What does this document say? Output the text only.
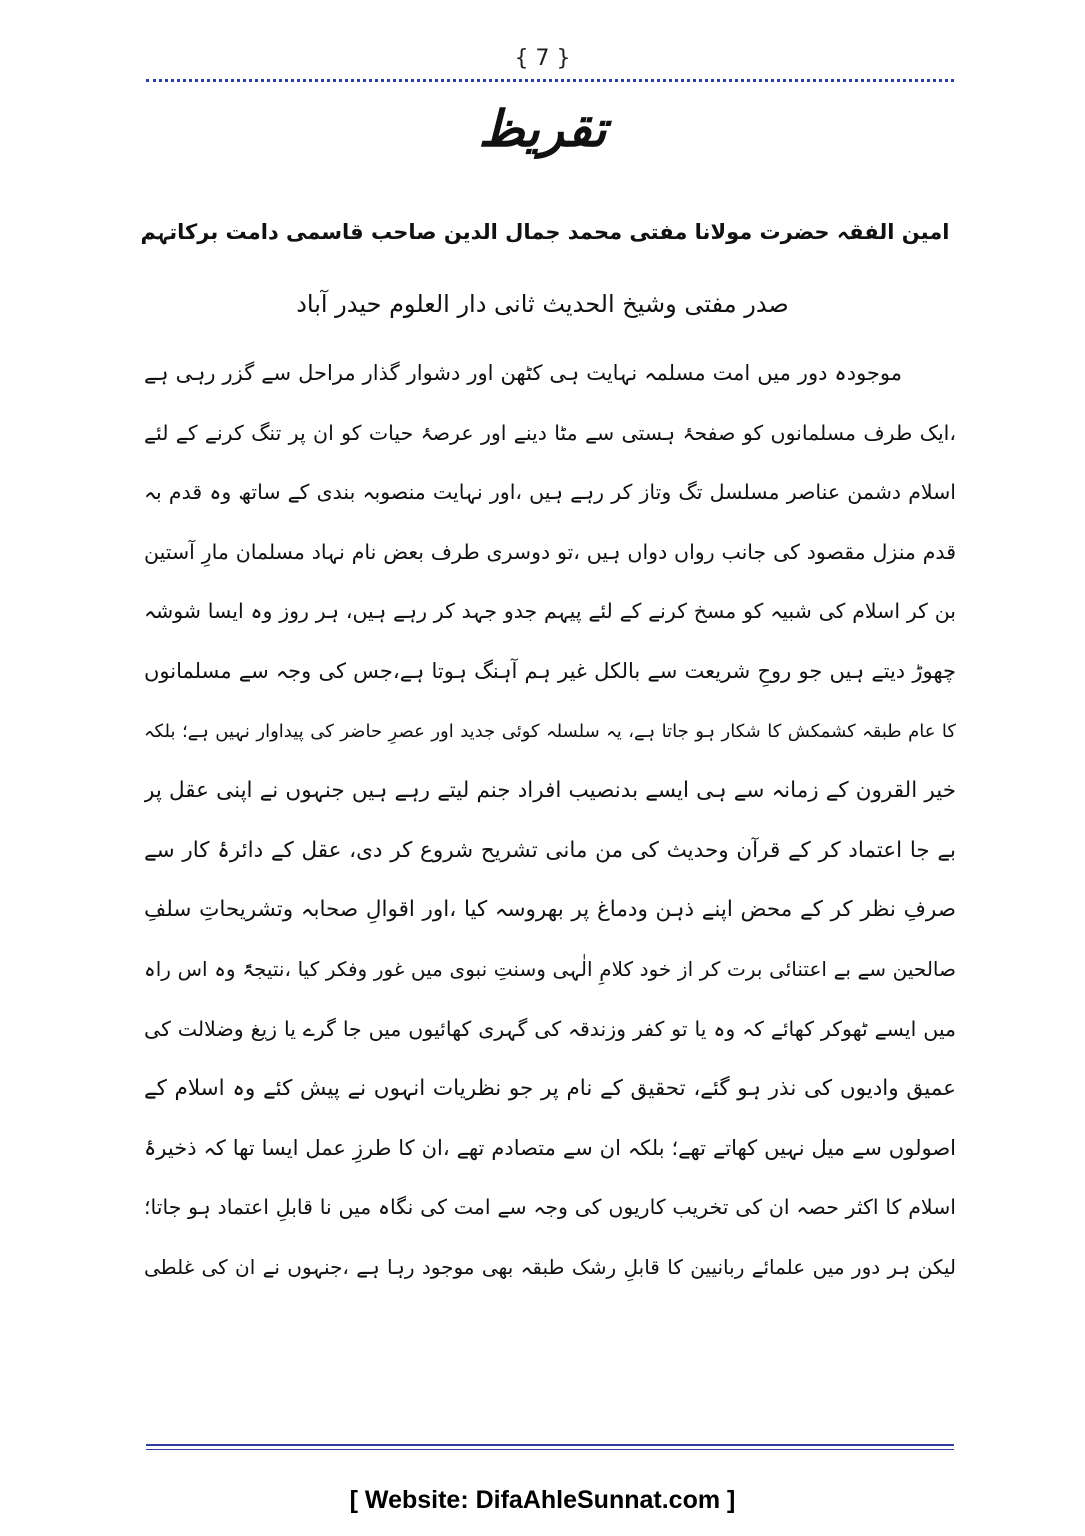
{ 7 }
تقریظ
امین الفقہ حضرت مولانا مفتی محمد جمال الدین صاحب قاسمی دامت برکاتہم
صدر مفتی وشیخ الحدیث ثانی دار العلوم حیدر آباد
موجودہ دور میں امت مسلمہ نہایت ہی کٹھن اور دشوار گذار مراحل سے گزر رہی ہے
،ایک طرف مسلمانوں کو صفحۂ ہستی سے مٹا دینے اور عرصۂ حیات کو ان پر تنگ کرنے کے لئے
اسلام دشمن عناصر مسلسل تگ وتاز کر رہے ہیں ،اور نہایت منصوبہ بندی کے ساتھ وہ قدم بہ
قدم منزل مقصود کی جانب رواں دواں ہیں ،تو دوسری طرف بعض نام نہاد مسلمان مارِ آستین
بن کر اسلام کی شبیہ کو مسخ کرنے کے لئے پیہم جدو جہد کر رہے ہیں، ہر روز وہ ایسا شوشہ
چھوڑ دیتے ہیں جو روحِ شریعت سے بالکل غیر ہم آہنگ ہوتا ہے،جس کی وجہ سے مسلمانوں
کا عام طبقہ کشمکش کا شکار ہو جاتا ہے، یہ سلسلہ کوئی جدید اور عصرِ حاضر کی پیداوار نہیں ہے؛ بلکہ
خیر القرون کے زمانہ سے ہی ایسے بدنصیب افراد جنم لیتے رہے ہیں جنہوں نے اپنی عقل پر
بے جا اعتماد کر کے قرآن وحدیث کی من مانی تشریح شروع کر دی، عقل کے دائرۂ کار سے
صرفِ نظر کر کے محض اپنے ذہن ودماغ پر بھروسہ کیا ،اور اقوالِ صحابہ وتشریحاتِ سلفِ
صالحین سے بے اعتنائی برت کر از خود کلامِ الٰہی وسنتِ نبوی میں غور وفکر کیا ،نتیجۃً وہ اس راہ
میں ایسے ٹھوکر کھائے کہ وہ یا تو کفر وزندقہ کی گہری کھائیوں میں جا گرے یا زیغ وضلالت کی
عمیق وادیوں کی نذر ہو گئے، تحقیق کے نام پر جو نظریات انہوں نے پیش کئے وہ اسلام کے
اصولوں سے میل نہیں کھاتے تھے؛ بلکہ ان سے متصادم تھے ،ان کا طرزِ عمل ایسا تھا کہ ذخیرۂ
اسلام کا اکثر حصہ ان کی تخریب کاریوں کی وجہ سے امت کی نگاہ میں نا قابلِ اعتماد ہو جاتا؛
لیکن ہر دور میں علمائے ربانیین کا قابلِ رشک طبقہ بھی موجود رہا ہے ،جنہوں نے ان کی غلطی
[ Website: DifaAhleSunnat.com ]
